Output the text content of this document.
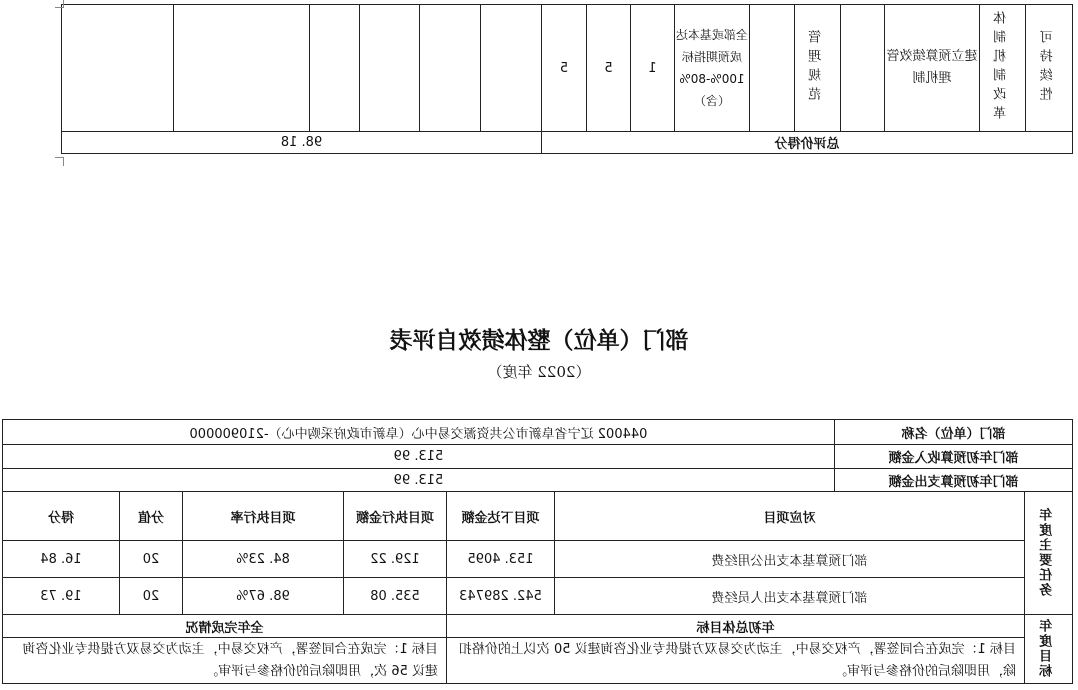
可持续性	体制机制改革	建立预算绩效管理机制		管理规范		全部或基本达成预期指标100%-80%（含）	1	5	5						
总评价得分										98. 18					
部门（单位）整体绩效自评表
（2022 年度）
部门（单位）名称		044002 辽宁省阜新市公共资源交易中心（阜新市政府采购中心）-210900000					
部门年初预算收入金额		513. 99					
部门年初预算支出金额		513. 99					

年度主要任务	对应项目		项目下达金额	项目执行金额	项目执行率	分值	得分
	部门预算基本支出公用经费		153. 4095	129. 22	84. 23%	20	16. 84
	部门预算基本支出人员经费		542. 289743	535. 08	98. 67%	20	19. 73

年度目标	年初总体目标			全年完成情况			
	目标 1：完成在合同签署，产权交易中，主动为交易双方提供专业化咨询建议 50 次以上的价格扣除，用即除后的价格参与评审。			目标 1：完成在合同签署，产权交易中，主动为交易双方提供专业化咨询建议 56 次，用即除后的价格参与评审。			
